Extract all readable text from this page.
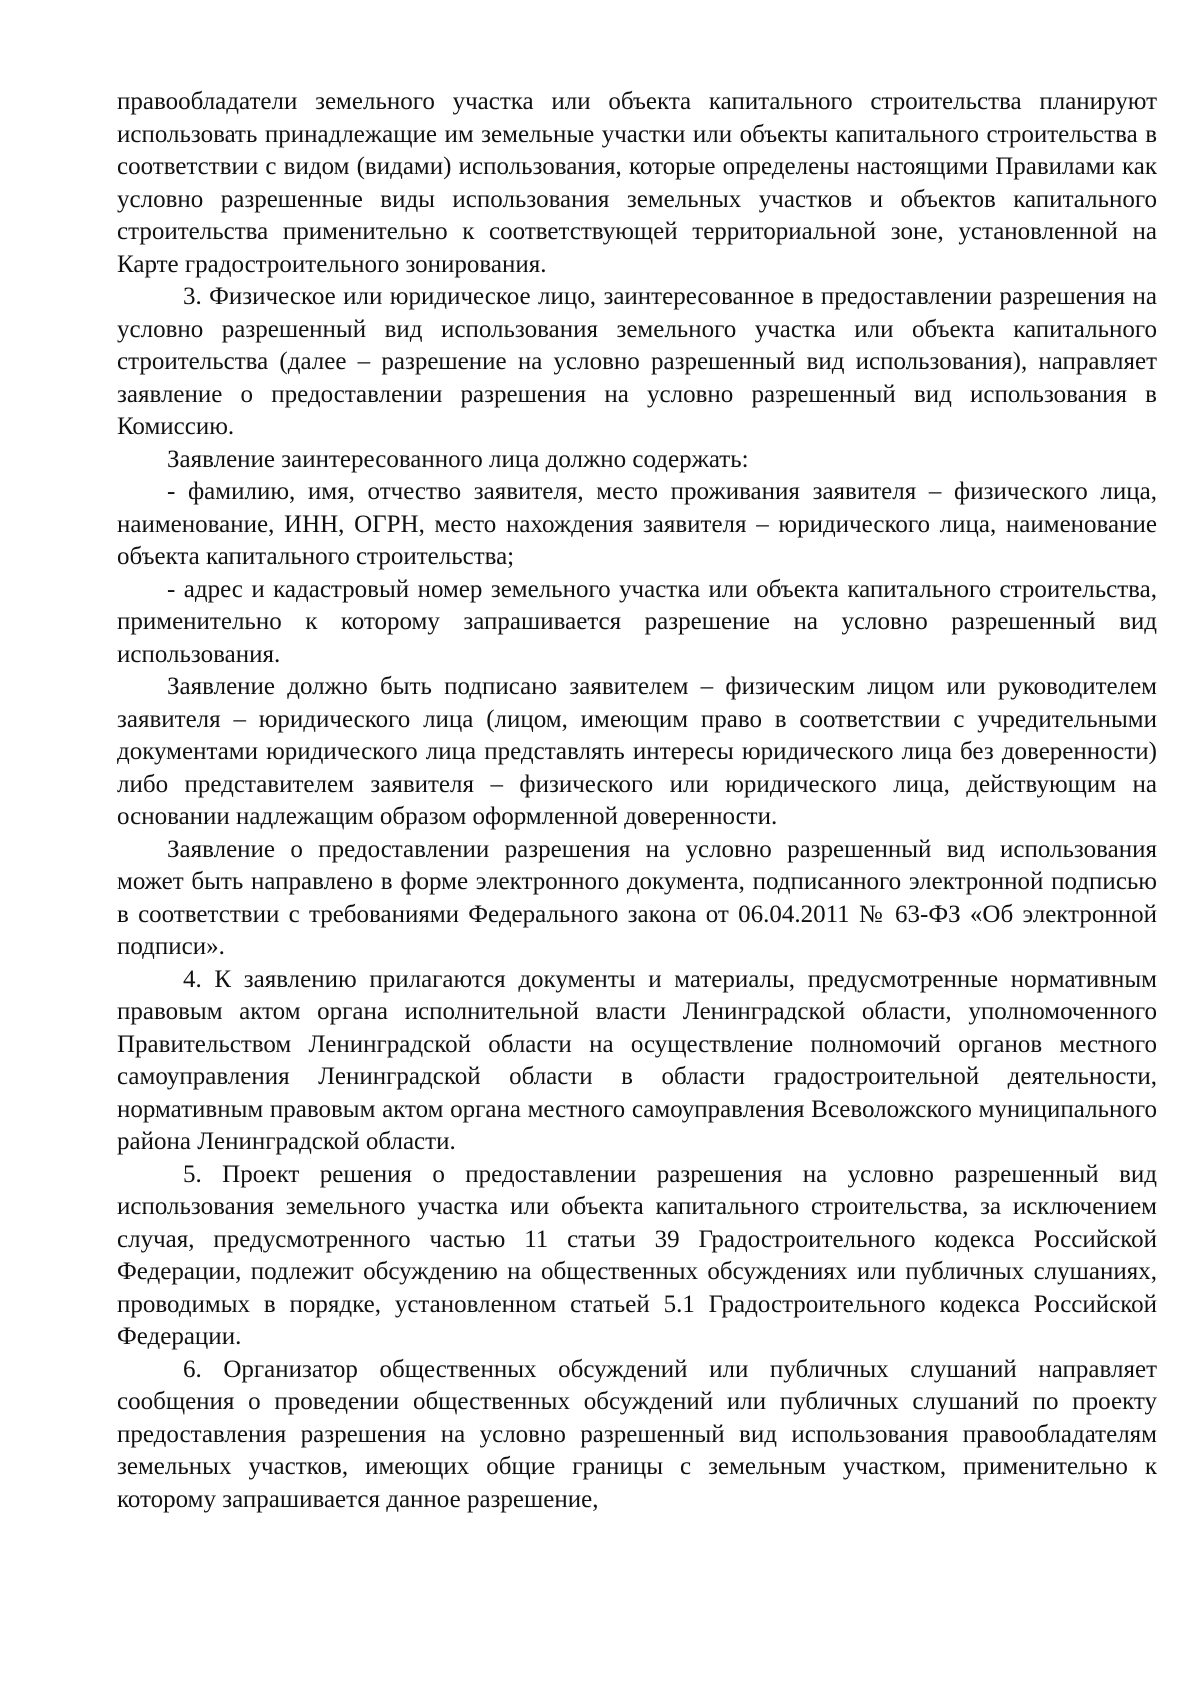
правообладатели земельного участка или объекта капитального строительства планируют использовать принадлежащие им земельные участки или объекты капитального строительства в соответствии с видом (видами) использования, которые определены настоящими Правилами как условно разрешенные виды использования земельных участков и объектов капитального строительства применительно к соответствующей территориальной зоне, установленной на Карте градостроительного зонирования.

3. Физическое или юридическое лицо, заинтересованное в предоставлении разрешения на условно разрешенный вид использования земельного участка или объекта капитального строительства (далее – разрешение на условно разрешенный вид использования), направляет заявление о предоставлении разрешения на условно разрешенный вид использования в Комиссию.

Заявление заинтересованного лица должно содержать:

- фамилию, имя, отчество заявителя, место проживания заявителя – физического лица, наименование, ИНН, ОГРН, место нахождения заявителя – юридического лица, наименование объекта капитального строительства;

- адрес и кадастровый номер земельного участка или объекта капитального строительства, применительно к которому запрашивается разрешение на условно разрешенный вид использования.

Заявление должно быть подписано заявителем – физическим лицом или руководителем заявителя – юридического лица (лицом, имеющим право в соответствии с учредительными документами юридического лица представлять интересы юридического лица без доверенности) либо представителем заявителя – физического или юридического лица, действующим на основании надлежащим образом оформленной доверенности.

Заявление о предоставлении разрешения на условно разрешенный вид использования может быть направлено в форме электронного документа, подписанного электронной подписью в соответствии с требованиями Федерального закона от 06.04.2011 № 63-ФЗ «Об электронной подписи».

4. К заявлению прилагаются документы и материалы, предусмотренные нормативным правовым актом органа исполнительной власти Ленинградской области, уполномоченного Правительством Ленинградской области на осуществление полномочий органов местного самоуправления Ленинградской области в области градостроительной деятельности, нормативным правовым актом органа местного самоуправления Всеволожского муниципального района Ленинградской области.

5. Проект решения о предоставлении разрешения на условно разрешенный вид использования земельного участка или объекта капитального строительства, за исключением случая, предусмотренного частью 11 статьи 39 Градостроительного кодекса Российской Федерации, подлежит обсуждению на общественных обсуждениях или публичных слушаниях, проводимых в порядке, установленном статьей 5.1 Градостроительного кодекса Российской Федерации.

6. Организатор общественных обсуждений или публичных слушаний направляет сообщения о проведении общественных обсуждений или публичных слушаний по проекту предоставления разрешения на условно разрешенный вид использования правообладателям земельных участков, имеющих общие границы с земельным участком, применительно к которому запрашивается данное разрешение,
